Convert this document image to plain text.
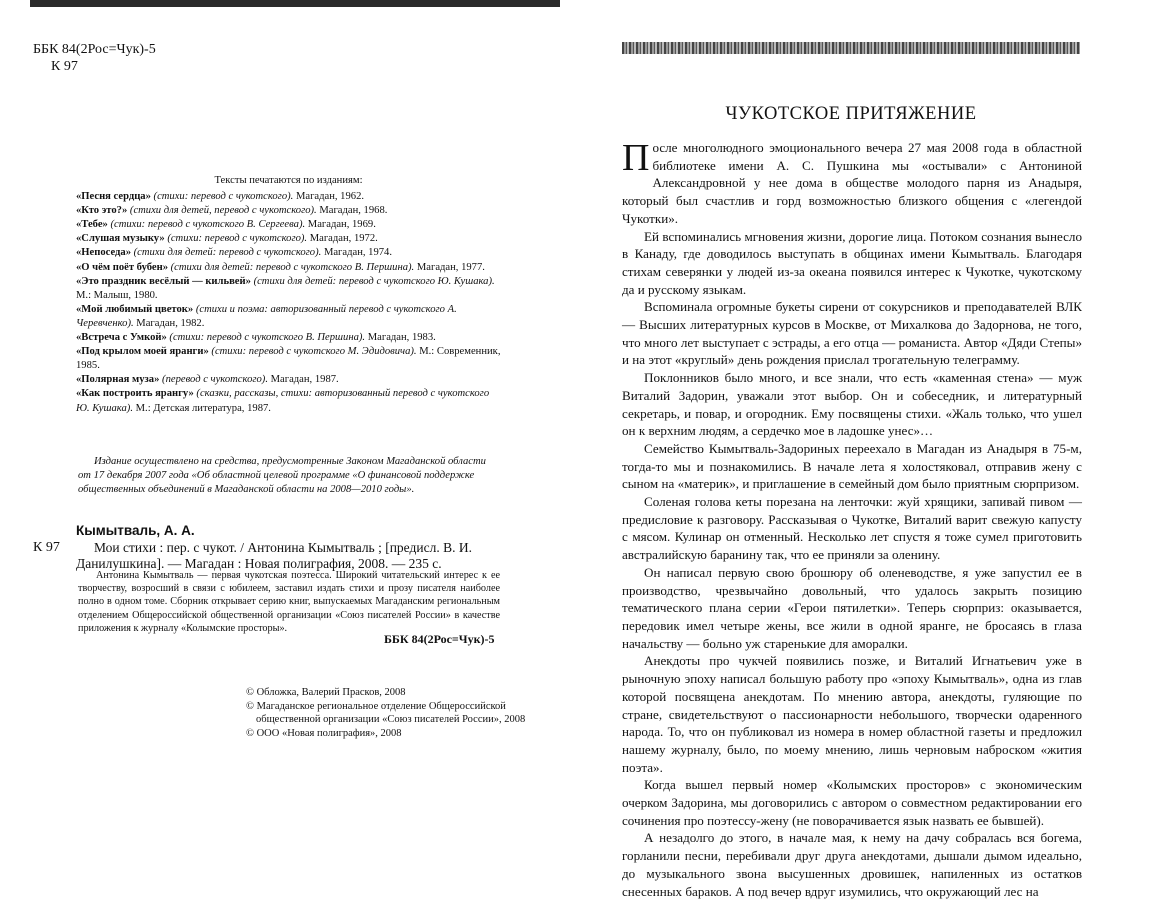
ББК 84(2Рос=Чук)-5
К 97
Тексты печатаются по изданиям:
«Песня сердца» (стихи: перевод с чукотского). Магадан, 1962.
«Кто это?» (стихи для детей, перевод с чукотского). Магадан, 1968.
«Тебе» (стихи: перевод с чукотского В. Сергеева). Магадан, 1969.
«Слушая музыку» (стихи: перевод с чукотского). Магадан, 1972.
«Непоседа» (стихи для детей: перевод с чукотского). Магадан, 1974.
«О чём поёт бубен» (стихи для детей: перевод с чукотского В. Першина). Магадан, 1977.
«Это праздник весёлый — кильвей» (стихи для детей: перевод с чукотского Ю. Кушака). М.: Малыш, 1980.
«Мой любимый цветок» (стихи и поэма: авторизованный перевод с чукотского А. Черевченко). Магадан, 1982.
«Встреча с Умкой» (стихи: перевод с чукотского В. Першина). Магадан, 1983.
«Под крылом моей яранги» (стихи: перевод с чукотского М. Эдидовича). М.: Современник, 1985.
«Полярная муза» (перевод с чукотского). Магадан, 1987.
«Как построить ярангу» (сказки, рассказы, стихи: авторизованный перевод с чукотского Ю. Кушака). М.: Детская литература, 1987.
Издание осуществлено на средства, предусмотренные Законом Магаданской области от 17 декабря 2007 года «Об областной целевой программе «О финансовой поддержке общественных объединений в Магаданской области на 2008—2010 годы».
К 97
Кымытваль, А. А.
Мои стихи : пер. с чукот. / Антонина Кымытваль ; [предисл. В. И. Данилушкина]. — Магадан : Новая полиграфия, 2008. — 235 с.
Антонина Кымытваль — первая чукотская поэтесса. Широкий читательский интерес к ее творчеству, возросший в связи с юбилеем, заставил издать стихи и прозу писателя наиболее полно в одном томе. Сборник открывает серию книг, выпускаемых Магаданским региональным отделением Общероссийской общественной организации «Союз писателей России» в качестве приложения к журналу «Колымские просторы».
ББК 84(2Рос=Чук)-5
© Обложка, Валерий Прасков, 2008
© Магаданское региональное отделение Общероссийской
общественной организации «Союз писателей России», 2008
© ООО «Новая полиграфия», 2008
ЧУКОТСКОЕ ПРИТЯЖЕНИЕ

После многолюдного эмоционального вечера 27 мая 2008 года в областной библиотеке имени А. С. Пушкина мы «остывали» с Антониной Александровной у нее дома в обществе молодого парня из Анадыря, который был счастлив и горд возможностью близкого общения с «легендой Чукотки».

Ей вспоминались мгновения жизни, дорогие лица. Потоком сознания вынесло в Канаду, где доводилось выступать в общинах имени Кымытваль. Благодаря стихам северянки у людей из-за океана появился интерес к Чукотке, чукотскому да и русскому языкам.

Вспоминала огромные букеты сирени от сокурсников и преподавателей ВЛК — Высших литературных курсов в Москве, от Михалкова до Задорнова, не того, что много лет выступает с эстрады, а его отца — романиста. Автор «Дяди Степы» и на этот «круглый» день рождения прислал трогательную телеграмму.

Поклонников было много, и все знали, что есть «каменная стена» — муж Виталий Задорин, уважали этот выбор. Он и собеседник, и литературный секретарь, и повар, и огородник. Ему посвящены стихи. «Жаль только, что ушел он к верхним людям, а сердечко мое в ладошке унес»…

Семейство Кымытваль-Задориных переехало в Магадан из Анадыря в 75-м, тогда-то мы и познакомились. В начале лета я холостяковал, отправив жену с сыном на «материк», и приглашение в семейный дом было приятным сюрпризом.

Соленая голова кеты порезана на ленточки: жуй хрящики, запивай пивом — предисловие к разговору. Рассказывая о Чукотке, Виталий варит свежую капусту с мясом. Кулинар он отменный. Несколько лет спустя я тоже сумел приготовить австралийскую баранину так, что ее приняли за оленину.

Он написал первую свою брошюру об оленеводстве, я уже запустил ее в производство, чрезвычайно довольный, что удалось закрыть позицию тематического плана серии «Герои пятилетки». Теперь сюрприз: оказывается, передовик имел четыре жены, все жили в одной яранге, не бросаясь в глаза начальству — больно уж старенькие для аморалки.

Анекдоты про чукчей появились позже, и Виталий Игнатьевич уже в рыночную эпоху написал большую работу про «эпоху Кымытваль», одна из глав которой посвящена анекдотам. По мнению автора, анекдоты, гуляющие по стране, свидетельствуют о пассионарности небольшого, творчески одаренного народа. То, что он публиковал из номера в номер областной газеты и предложил нашему журналу, было, по моему мнению, лишь черновым наброском «жития поэта».

Когда вышел первый номер «Колымских просторов» с экономическим очерком Задорина, мы договорились с автором о совместном редактировании его сочинения про поэтессу-жену (не поворачивается язык назвать ее бывшей).

А незадолго до этого, в начале мая, к нему на дачу собралась вся богема, горланили песни, перебивали друг друга анекдотами, дышали дымом идеально, до музыкального звона высушенных дровишек, напиленных из остатков снесенных бараков. А под вечер вдруг изумились, что окружающий лес на
